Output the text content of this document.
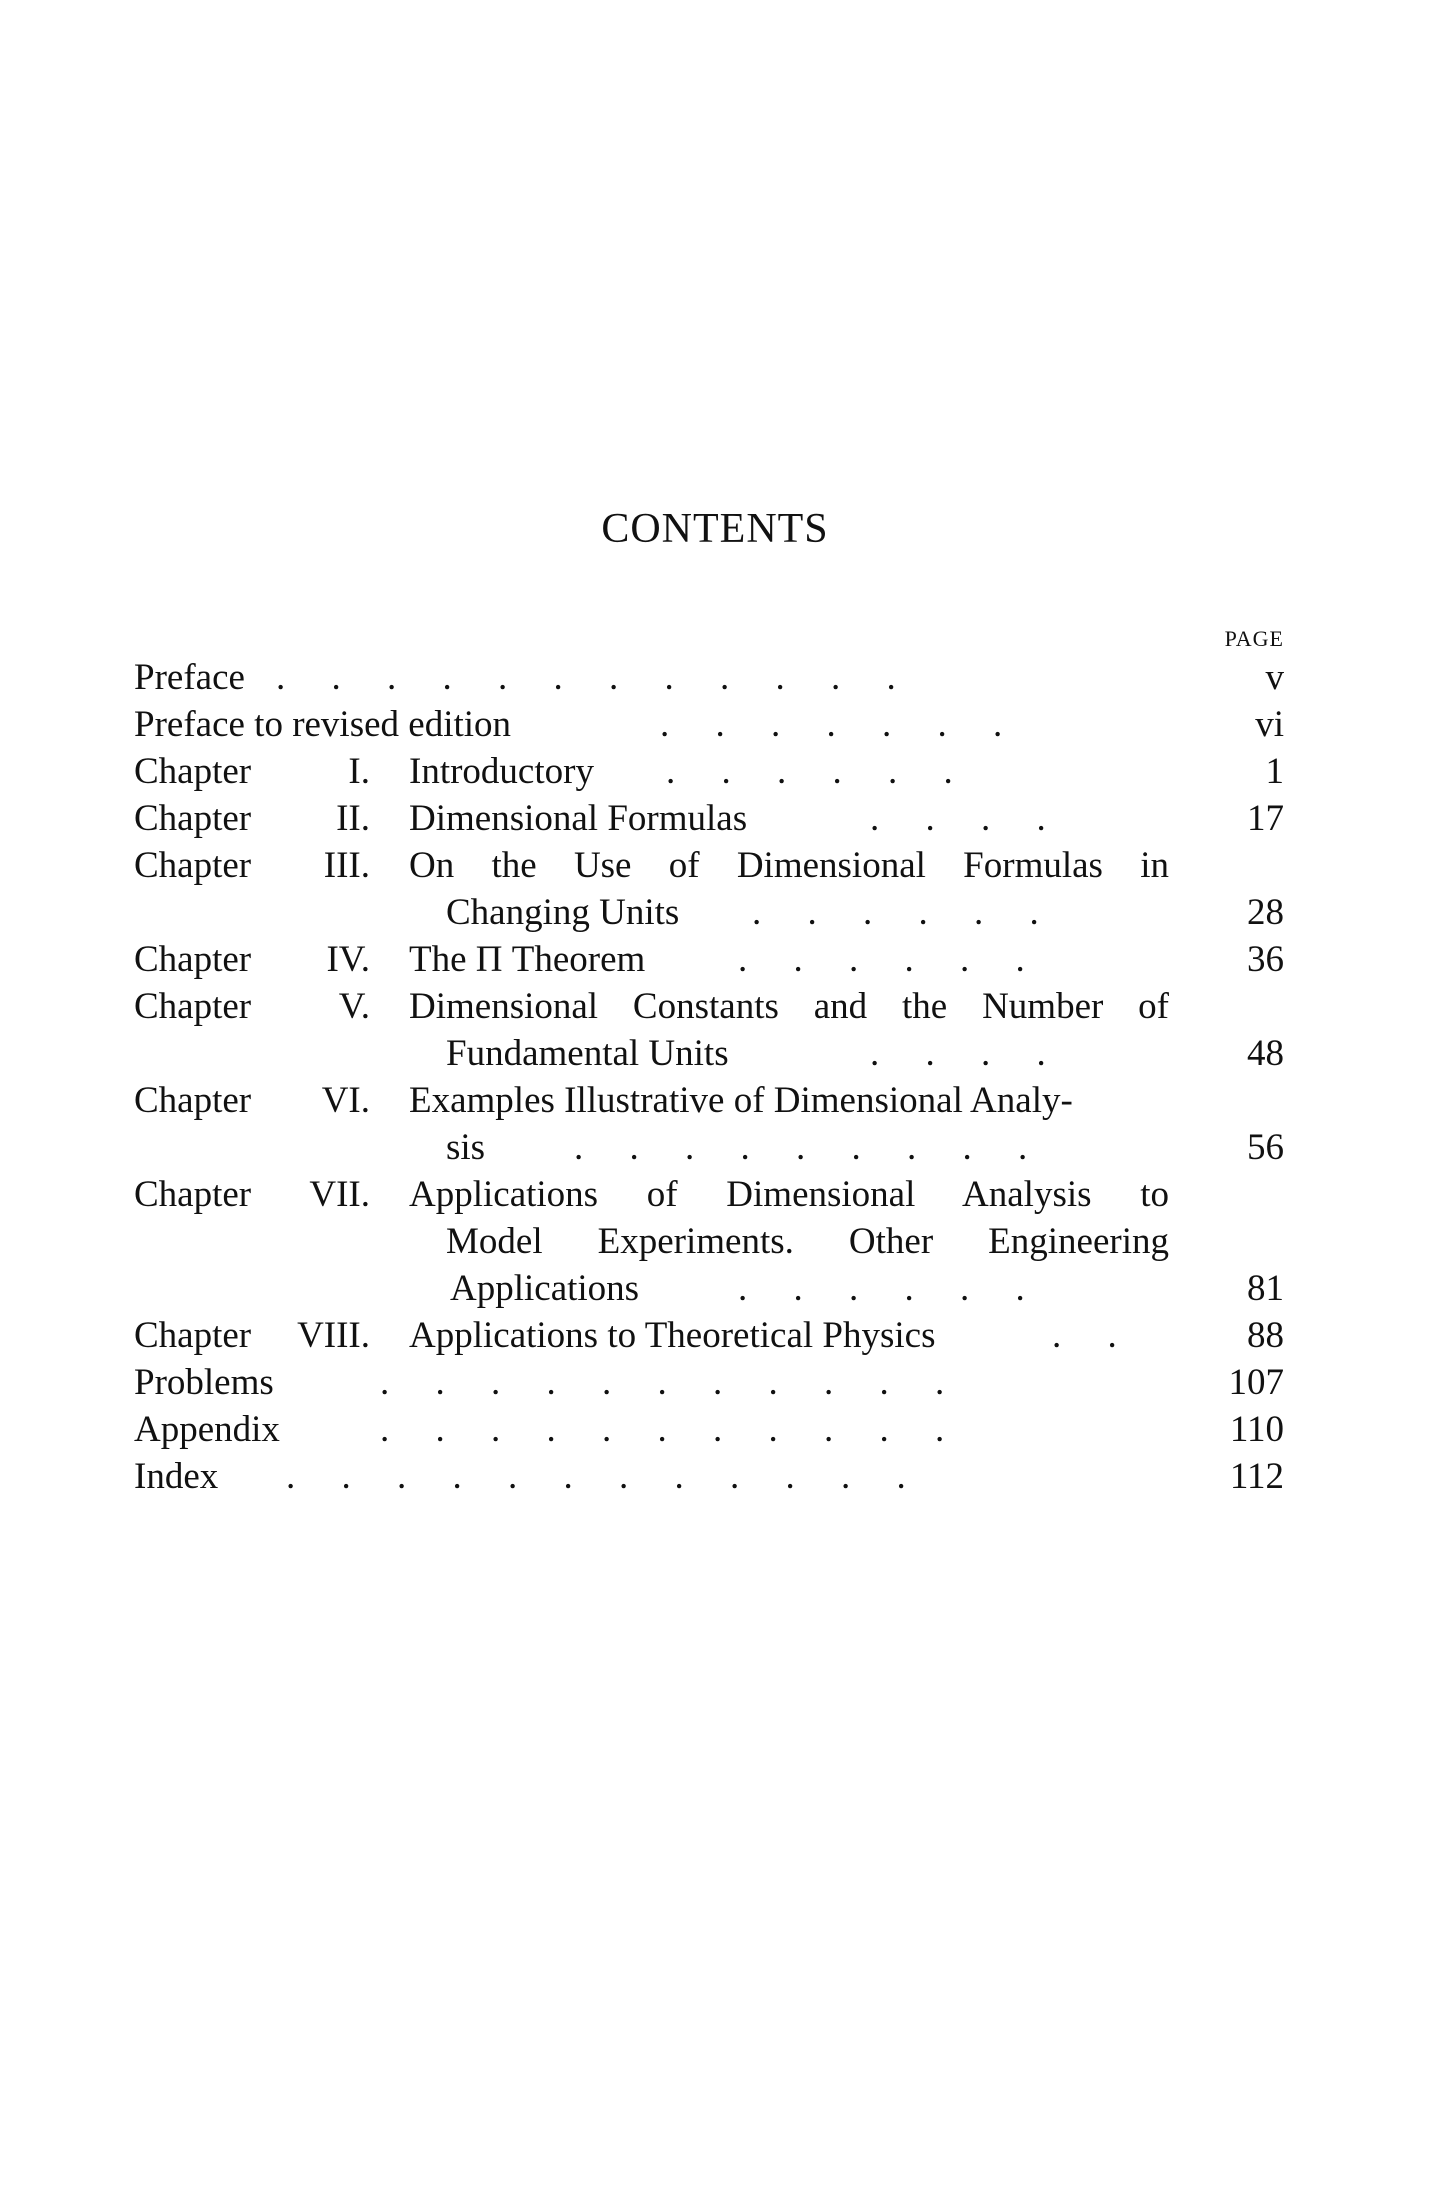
CONTENTS
PAGE
Preface .     .     .     .     .     .     .     .     .     .     .     .	v
Preface to revised edition	.     .     .     .     .     .     .	vi
Chapter	I. Introductory .     .     .     .     .     .	1
Chapter	II. Dimensional Formulas	.     .     .     .	17
Chapter	III. On the Use of Dimensional Formulas in
Changing Units .     .     .     .     .     .	28
Chapter	IV. The Π Theorem	.     .     .     .     .     .	36
Chapter	V. Dimensional Constants and the Number of
Fundamental Units	.     .     .     .	48
Chapter	VI. Examples Illustrative of Dimensional Analy-
sis .     .     .     .     .     .     .     .     .	56
Chapter	VII. Applications of Dimensional Analysis to
Model Experiments. Other Engineering
Applications	.     .     .     .     .     .	81
Chapter VIII. Applications to Theoretical Physics	.     .	88
Problems	.     .     .     .     .     .     .     .     .     .     .	107
Appendix	.     .     .     .     .     .     .     .     .     .     .	110
Index .     .     .     .     .     .     .     .     .     .     .     .	112
